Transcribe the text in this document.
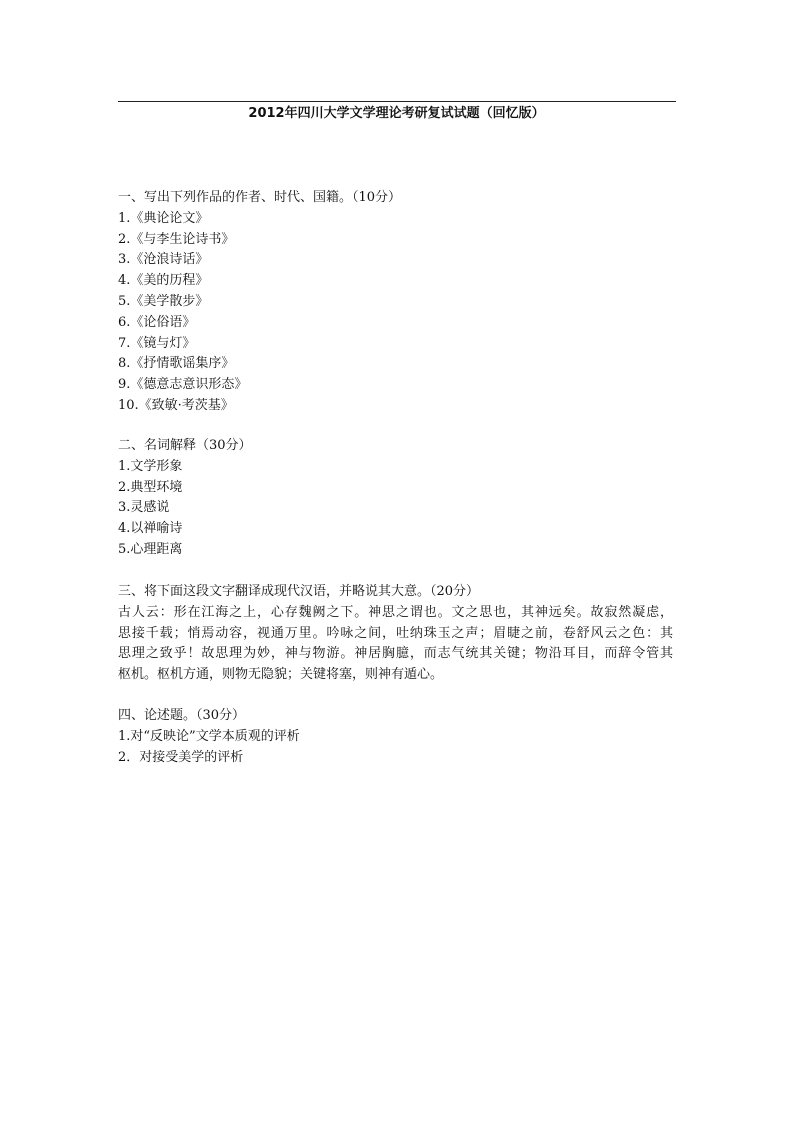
2012年四川大学文学理论考研复试试题（回忆版）
一、写出下列作品的作者、时代、国籍。（10分）
1.《典论论文》
2.《与李生论诗书》
3.《沧浪诗话》
4.《美的历程》
5.《美学散步》
6.《论俗语》
7.《镜与灯》
8.《抒情歌谣集序》
9.《德意志意识形态》
10.《致敏·考茨基》
二、名词解释（30分）
1.文学形象
2.典型环境
3.灵感说
4.以禅喻诗
5.心理距离
三、将下面这段文字翻译成现代汉语，并略说其大意。（20分）
古人云：形在江海之上，心存魏阙之下。神思之谓也。文之思也，其神远矣。故寂然凝虑，
思接千载；悄焉动容，视通万里。吟咏之间，吐纳珠玉之声；眉睫之前，卷舒风云之色：其
思理之致乎！故思理为妙，神与物游。神居胸臆，而志气统其关键；物沿耳目，而辞令管其
枢机。枢机方通，则物无隐貌；关键将塞，则神有遁心。
四、论述题。（30分）
1.对“反映论”文学本质观的评析
2．对接受美学的评析
